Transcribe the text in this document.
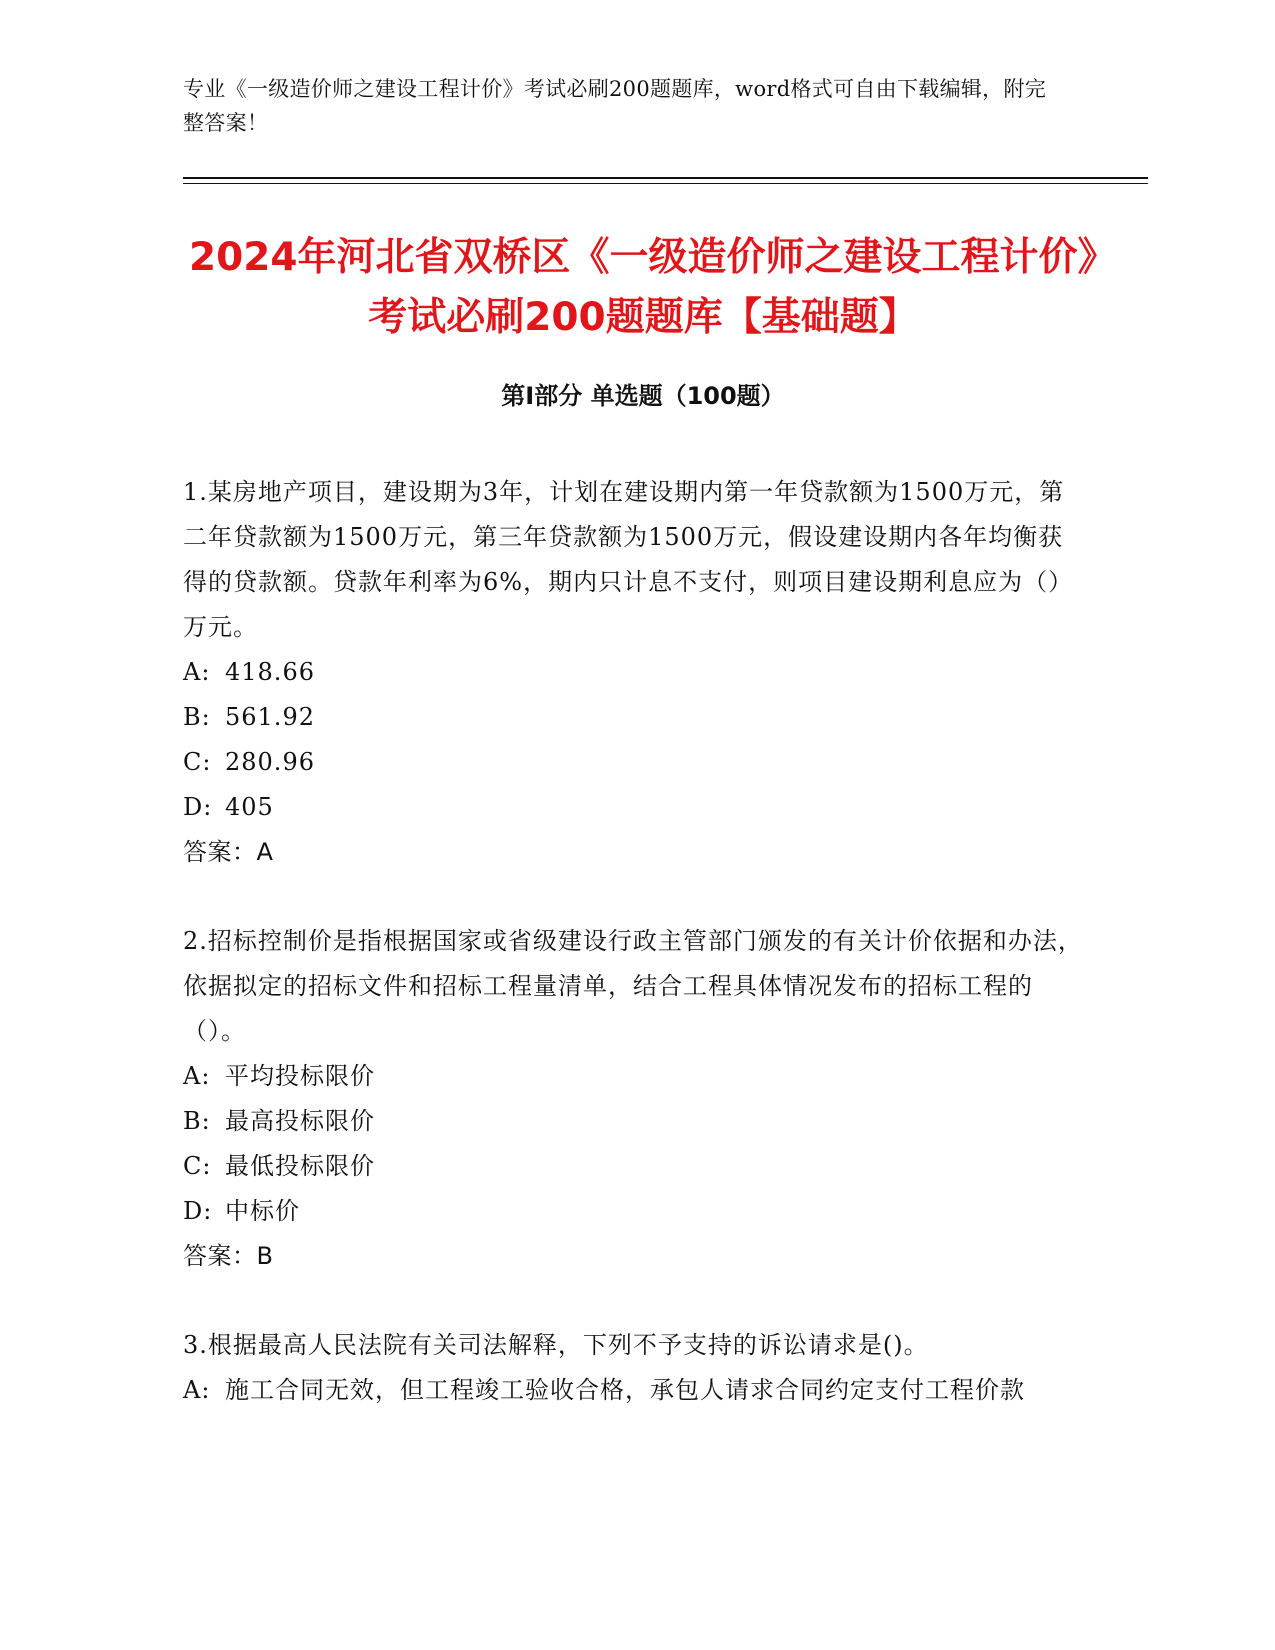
专业《一级造价师之建设工程计价》考试必刷200题题库，word格式可自由下载编辑，附完整答案！
2024年河北省双桥区《一级造价师之建设工程计价》考试必刷200题题库【基础题】
第I部分 单选题（100题）

1.某房地产项目，建设期为3年，计划在建设期内第一年贷款额为1500万元，第二年贷款额为1500万元，第三年贷款额为1500万元，假设建设期内各年均衡获得的贷款额。贷款年利率为6%，期内只计息不支付，则项目建设期利息应为（）万元。

A: 418.66

B: 561.92

C: 280.96

D: 405

答案：A

2.招标控制价是指根据国家或省级建设行政主管部门颁发的有关计价依据和办法，依据拟定的招标文件和招标工程量清单，结合工程具体情况发布的招标工程的（）。

A: 平均投标限价

B: 最高投标限价

C: 最低投标限价

D: 中标价

答案：B

3.根据最高人民法院有关司法解释，下列不予支持的诉讼请求是()。

A: 施工合同无效，但工程竣工验收合格，承包人请求合同约定支付工程价款
